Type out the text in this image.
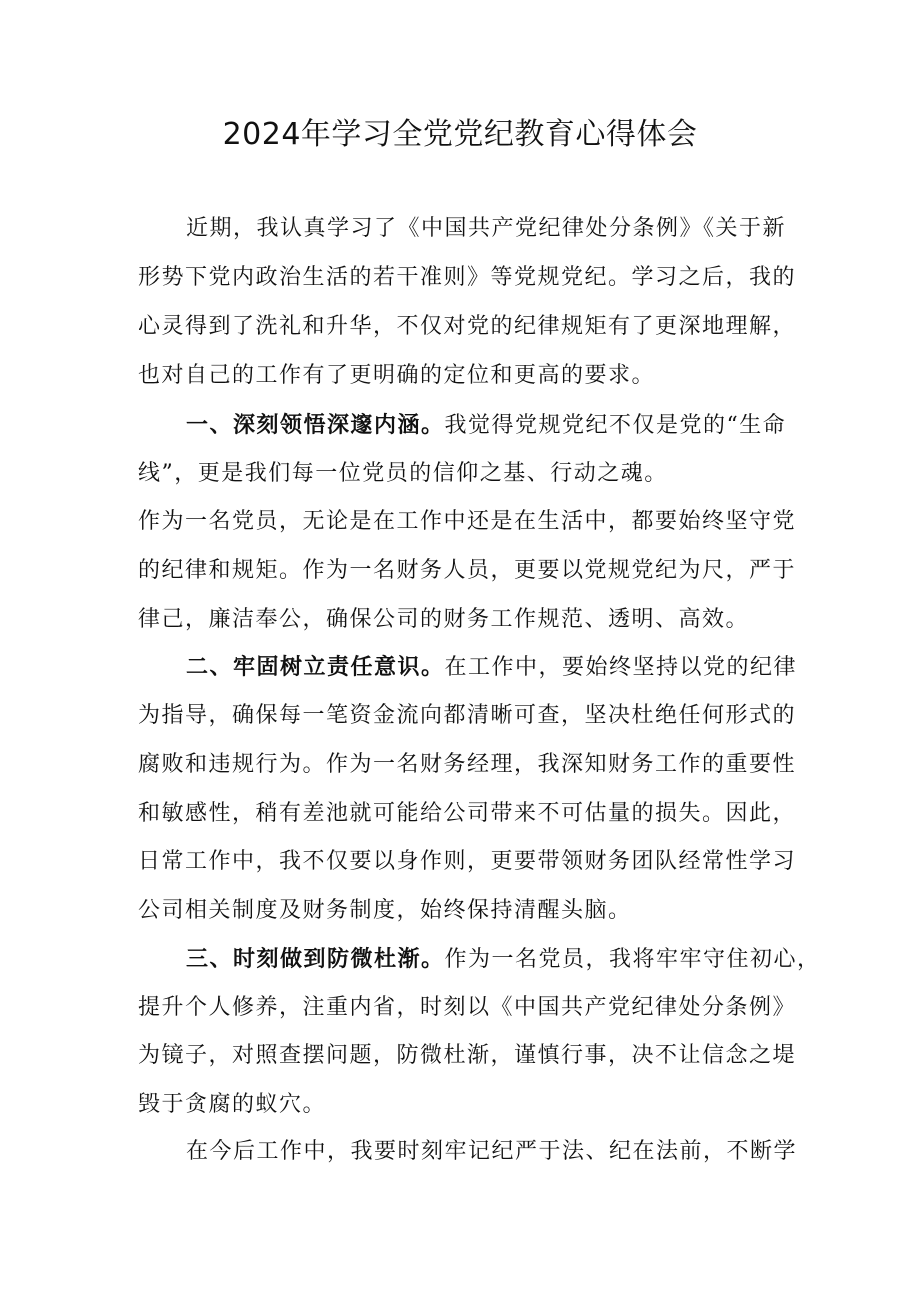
2024年学习全党党纪教育心得体会
近期，我认真学习了《中国共产党纪律处分条例》《关于新
形势下党内政治生活的若干准则》等党规党纪。学习之后，我的
心灵得到了洗礼和升华，不仅对党的纪律规矩有了更深地理解，
也对自己的工作有了更明确的定位和更高的要求。
一、深刻领悟深邃内涵。我觉得党规党纪不仅是党的“生命
线”，更是我们每一位党员的信仰之基、行动之魂。
作为一名党员，无论是在工作中还是在生活中，都要始终坚守党
的纪律和规矩。作为一名财务人员，更要以党规党纪为尺，严于
律己，廉洁奉公，确保公司的财务工作规范、透明、高效。
二、牢固树立责任意识。在工作中，要始终坚持以党的纪律
为指导，确保每一笔资金流向都清晰可查，坚决杜绝任何形式的
腐败和违规行为。作为一名财务经理，我深知财务工作的重要性
和敏感性，稍有差池就可能给公司带来不可估量的损失。因此，
日常工作中，我不仅要以身作则，更要带领财务团队经常性学习
公司相关制度及财务制度，始终保持清醒头脑。
三、时刻做到防微杜渐。作为一名党员，我将牢牢守住初心，
提升个人修养，注重内省，时刻以《中国共产党纪律处分条例》
为镜子，对照查摆问题，防微杜渐，谨慎行事，决不让信念之堤
毁于贪腐的蚁穴。
在今后工作中，我要时刻牢记纪严于法、纪在法前，不断学
